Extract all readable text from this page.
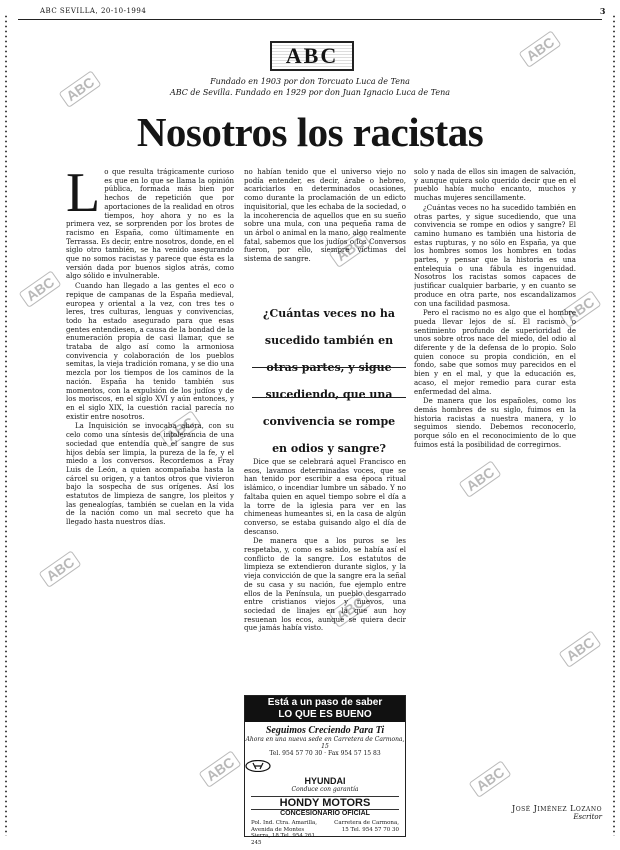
ABC SEVILLA, 20-10-1994	3
ABC
Fundado en 1903 por don Torcuato Luca de Tena
ABC de Sevilla. Fundado en 1929 por don Juan Ignacio Luca de Tena
Nosotros los racistas
L o que resulta trágicamente curioso es que en lo que se llama la opinión pública, formada más bien por hechos de repetición que por aportaciones de la realidad en otros tiempos, hoy ahora y no es la primera vez, se sorprenden por los brotes de racismo en España, como últimamente en Terrassa. Es decir, entre nosotros, donde, en el siglo otro también, se ha venido asegurando que no somos racistas y parece que ésta es la versión dada por buenos siglos atrás, como algo sólido e invulnerable.

Cuando han llegado a las gentes el eco o repique de campanas de la España medieval, europea y oriental a la vez, con tres tes o leres, tres culturas, lenguas y convivencias, todo ha estado asegurado para que esas gentes entendiesen, a causa de la bondad de la enumeración propia de casi llamar, que se trataba de algo así como la armoniosa convivencia y colaboración de los pueblos semitas, la vieja tradición romana, y se dio una mezcla por los tiempos de los caminos de la nación. España ha tenido también sus momentos, con la expulsión de los judíos y de los moriscos, en el siglo XVI y aún entonces, y en el siglo XIX, la cuestión racial parecía no existir entre nosotros.

La Inquisición se invocaba ahora, con su celo como una síntesis de intolerancia de una sociedad que entendía que el sangre de sus hijos debía ser limpia, la pureza de la fe, y el miedo a los conversos. Recordemos a Fray Luis de León, a quien acompañaba hasta la cárcel su origen, y a tantos otros que vivieron bajo la sospecha de sus orígenes. Así los estatutos de limpieza de sangre, los pleitos y las genealogías, también se cuelan en la vida de la nación como un mal secreto que ha llegado hasta nuestros días.

no habían tenido que el universo viejo no podía entender, es decir, árabe o hebreo, acariciarlos en determinados ocasiones, como durante la proclamación de un edicto inquisitorial, que les echaba de la sociedad, o la incoherencia de aquellos que en su sueño sobre una mula, con una pequeña rama de un árbol o animal en la mano, algo realmente fatal, sabemos que los judíos o los Conversos fueron, por ello, siempre víctimas del sistema de sangre.

¿Cuántas veces no ha sucedido también en otras partes, y sigue sucediendo, que una convivencia se rompe en odios y sangre?

Dice que se celebrará aquel Francisco en esos, lavamos determinadas voces, que se han tenido por escribir a esa época ritual islámico, o incendiar lumbre un sábado. Y no faltaba quien en aquel tiempo sobre el día a la torre de la iglesia para ver en las chimeneas humeantes si, en la casa de algún converso, se estaba guisando algo el día de descanso.

De manera que a los puros se les respetaba, y, como es sabido, se había así el conflicto de la sangre. Los estatutos de limpieza se extendieron durante siglos, y la vieja convicción de que la sangre era la señal de su casa y su nación, fue ejemplo entre ellos de la Península, un pueblo desgarrado entre cristianos viejos y nuevos, una sociedad de linajes en la que aun hoy resuenan los ecos, aunque se quiera decir que jamás había visto.

Está a un paso de saber
LO QUE ES BUENO
Seguimos Creciendo Para Ti
Ahora en una nueva sede en Carretera de Carmona, 15
Tel. 954 57 70 30 · Fax 954 57 15 83
HYUNDAI
Conduce con garantía
HONDY MOTORS
CONCESIONARIO OFICIAL
Pol. Ind. Ctra. Amarilla, Avenida de Montes Sierra, 18 Tel. 954 261 245
Carretera de Carmona, 15 Tel. 954 57 70 30

solo y nada de ellos sin imagen de salvación, y aunque quiera solo querido decir que en el pueblo había mucho encanto, muchos y muchas mujeres sencillamente.

¿Cuántas veces no ha sucedido también en otras partes, y sigue sucediendo, que una convivencia se rompe en odios y sangre? El camino humano es también una historia de estas rupturas, y no sólo en España, ya que los hombres somos los hombres en todas partes, y pensar que la historia es una entelequia o una fábula es ingenuidad. Nosotros los racistas somos capaces de justificar cualquier barbarie, y en cuanto se produce en otra parte, nos escandalizamos con una facilidad pasmosa.

Pero el racismo no es algo que el hombre pueda llevar lejos de sí. El racismo o sentimiento profundo de superioridad de unos sobre otros nace del miedo, del odio al diferente y de la defensa de lo propio. Solo quien conoce su propia condición, en el fondo, sabe que somos muy parecidos en el bien y en el mal, y que la educación es, acaso, el mejor remedio para curar esta enfermedad del alma.

De manera que los españoles, como los demás hombres de su siglo, fuimos en la historia racistas a nuestra manera, y lo seguimos siendo. Debemos reconocerlo, porque sólo en el reconocimiento de lo que fuimos está la posibilidad de corregirnos.

José Jiménez Lozano
Escritor
ABC
ABC
ABC
ABC
ABC
ABC
ABC
ABC
ABC
ABC
ABC	ABC
